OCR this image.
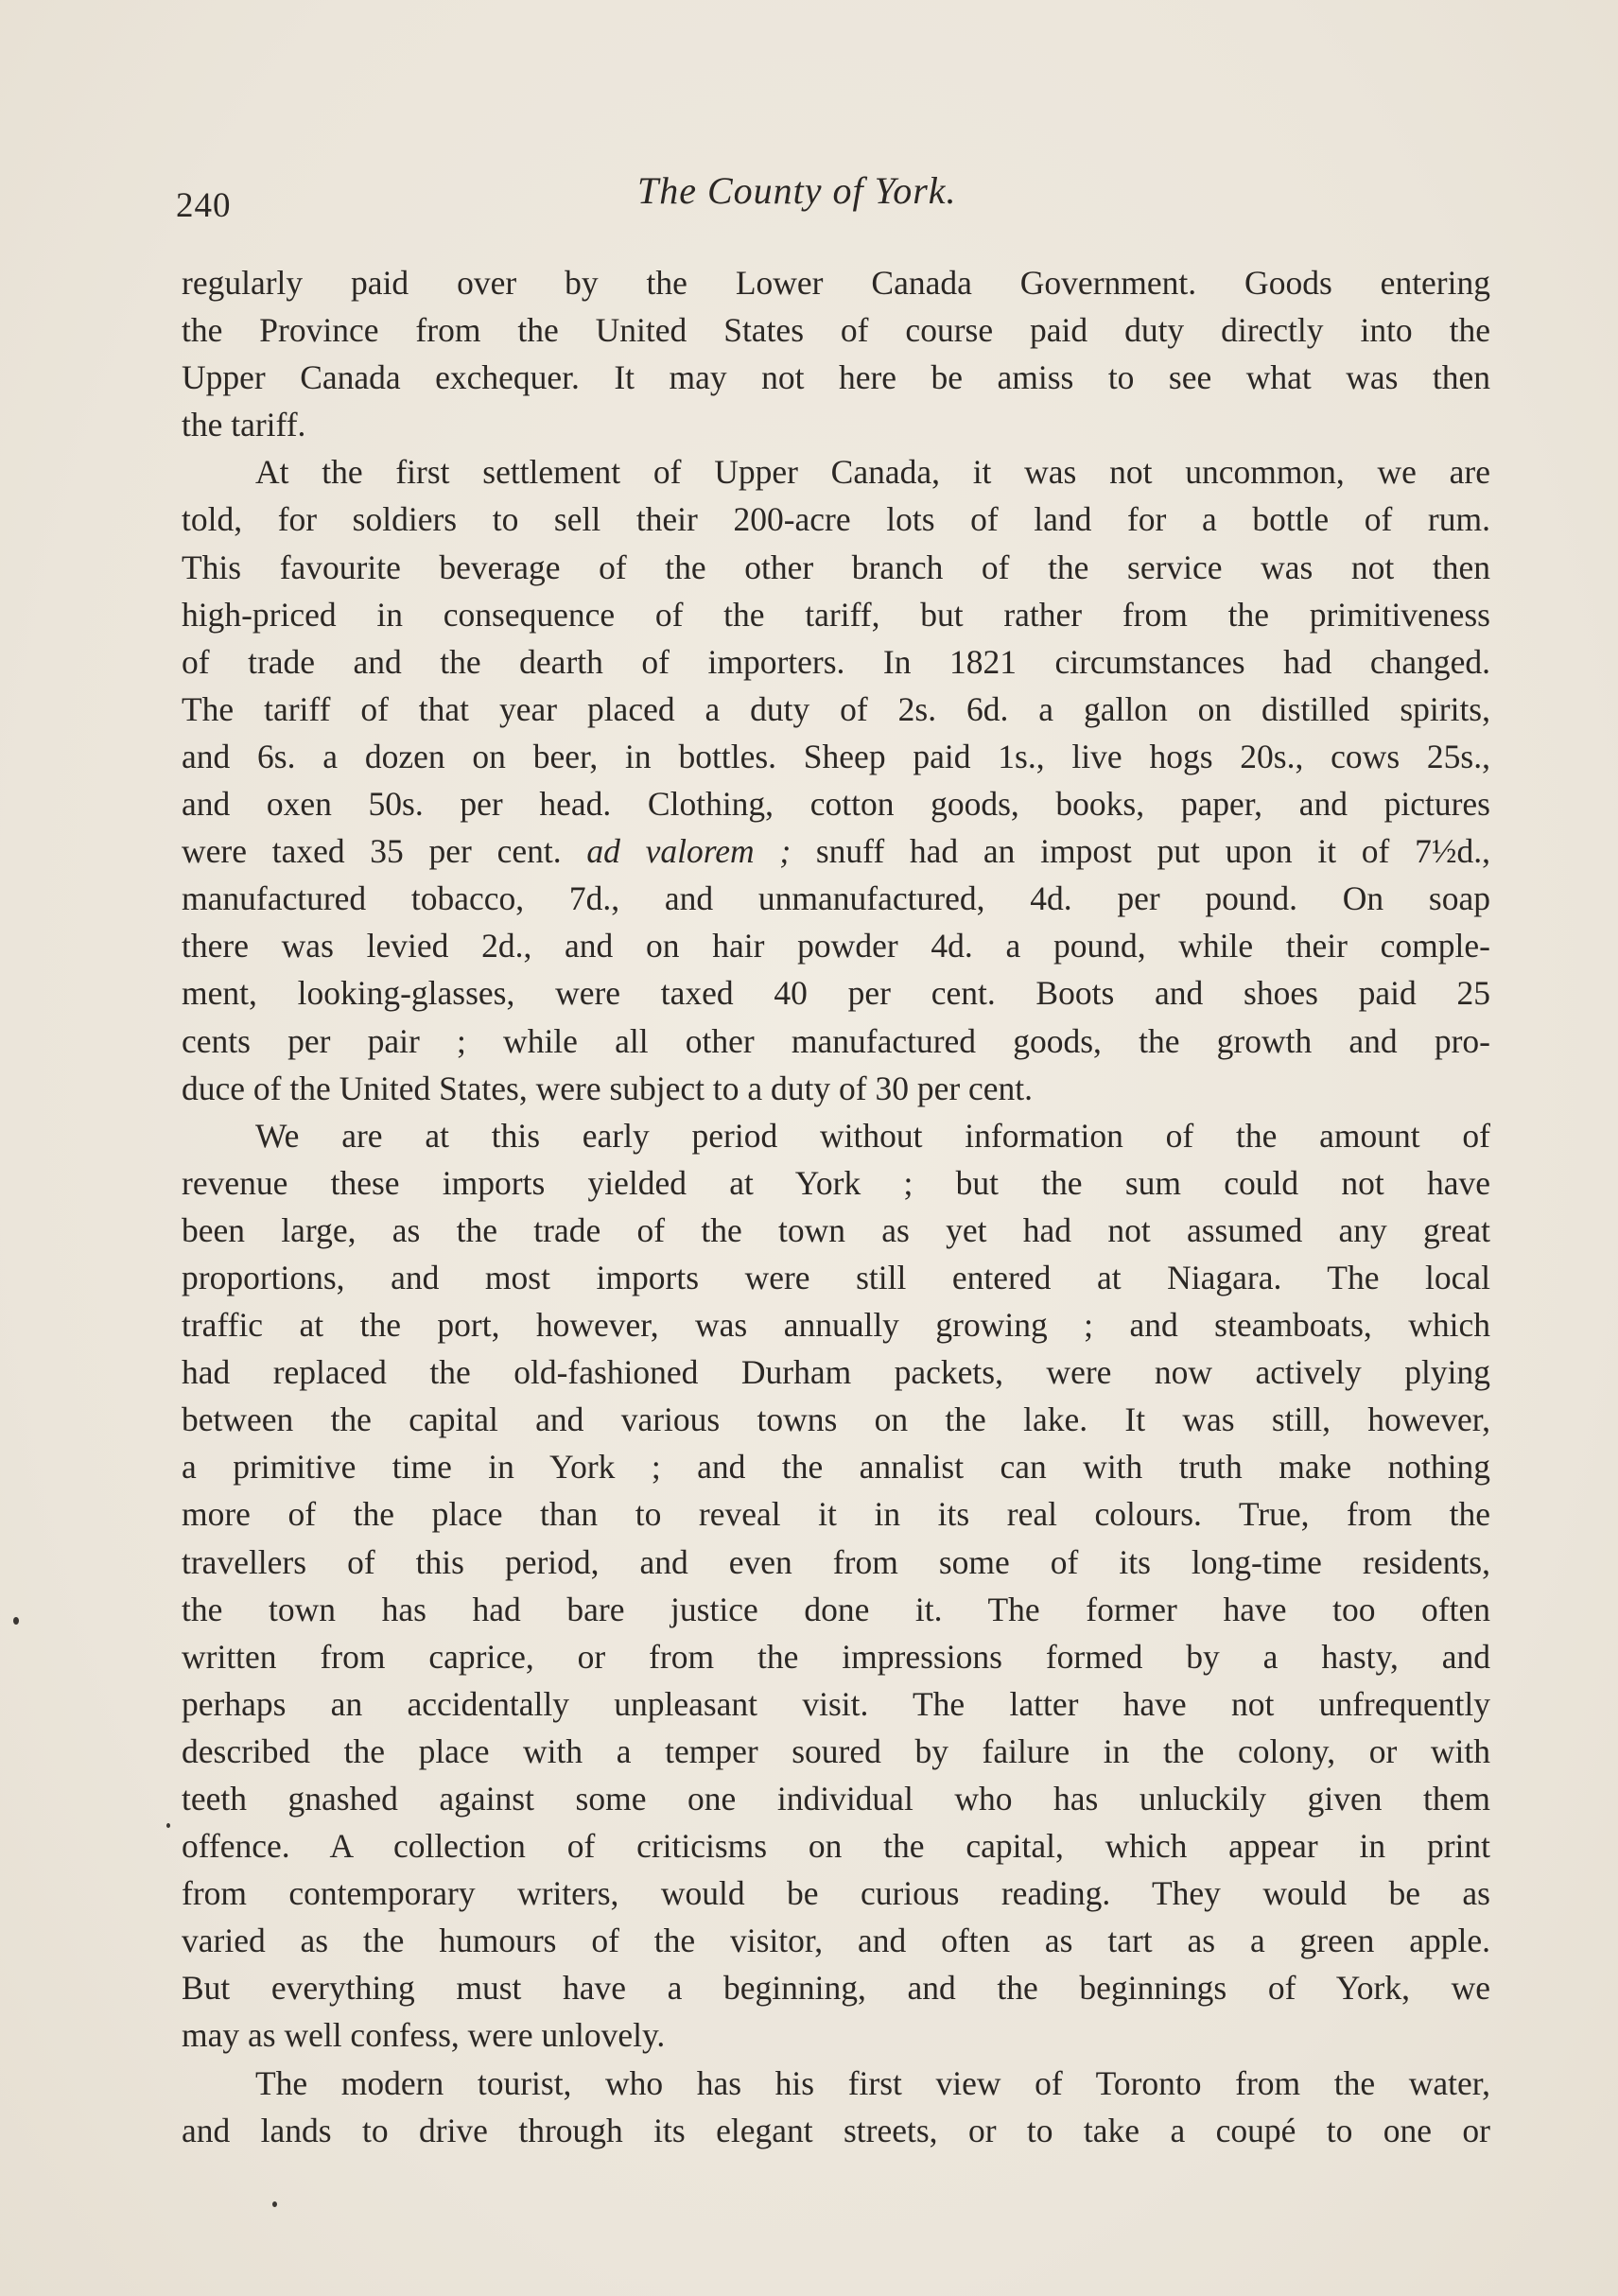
240	The County of York.
regularly paid over by the Lower Canada Government. Goods entering
the Province from the United States of course paid duty directly into the
Upper Canada exchequer. It may not here be amiss to see what was then
the tariff.
At the first settlement of Upper Canada, it was not uncommon, we are
told, for soldiers to sell their 200-acre lots of land for a bottle of rum.
This favourite beverage of the other branch of the service was not then
high-priced in consequence of the tariff, but rather from the primitiveness
of trade and the dearth of importers. In 1821 circumstances had changed.
The tariff of that year placed a duty of 2s. 6d. a gallon on distilled spirits,
and 6s. a dozen on beer, in bottles. Sheep paid 1s., live hogs 20s., cows 25s.,
and oxen 50s. per head. Clothing, cotton goods, books, paper, and pictures
were taxed 35 per cent. ad valorem ; snuff had an impost put upon it of 7½d.,
manufactured tobacco, 7d., and unmanufactured, 4d. per pound. On soap
there was levied 2d., and on hair powder 4d. a pound, while their comple-
ment, looking-glasses, were taxed 40 per cent. Boots and shoes paid 25
cents per pair ; while all other manufactured goods, the growth and pro-
duce of the United States, were subject to a duty of 30 per cent.
We are at this early period without information of the amount of
revenue these imports yielded at York ; but the sum could not have
been large, as the trade of the town as yet had not assumed any great
proportions, and most imports were still entered at Niagara. The local
traffic at the port, however, was annually growing ; and steamboats, which
had replaced the old-fashioned Durham packets, were now actively plying
between the capital and various towns on the lake. It was still, however,
a primitive time in York ; and the annalist can with truth make nothing
more of the place than to reveal it in its real colours. True, from the
travellers of this period, and even from some of its long-time residents,
the town has had bare justice done it. The former have too often
written from caprice, or from the impressions formed by a hasty, and
perhaps an accidentally unpleasant visit. The latter have not unfrequently
described the place with a temper soured by failure in the colony, or with
teeth gnashed against some one individual who has unluckily given them
offence. A collection of criticisms on the capital, which appear in print
from contemporary writers, would be curious reading. They would be as
varied as the humours of the visitor, and often as tart as a green apple.
But everything must have a beginning, and the beginnings of York, we
may as well confess, were unlovely.
The modern tourist, who has his first view of Toronto from the water,
and lands to drive through its elegant streets, or to take a coupé to one or
